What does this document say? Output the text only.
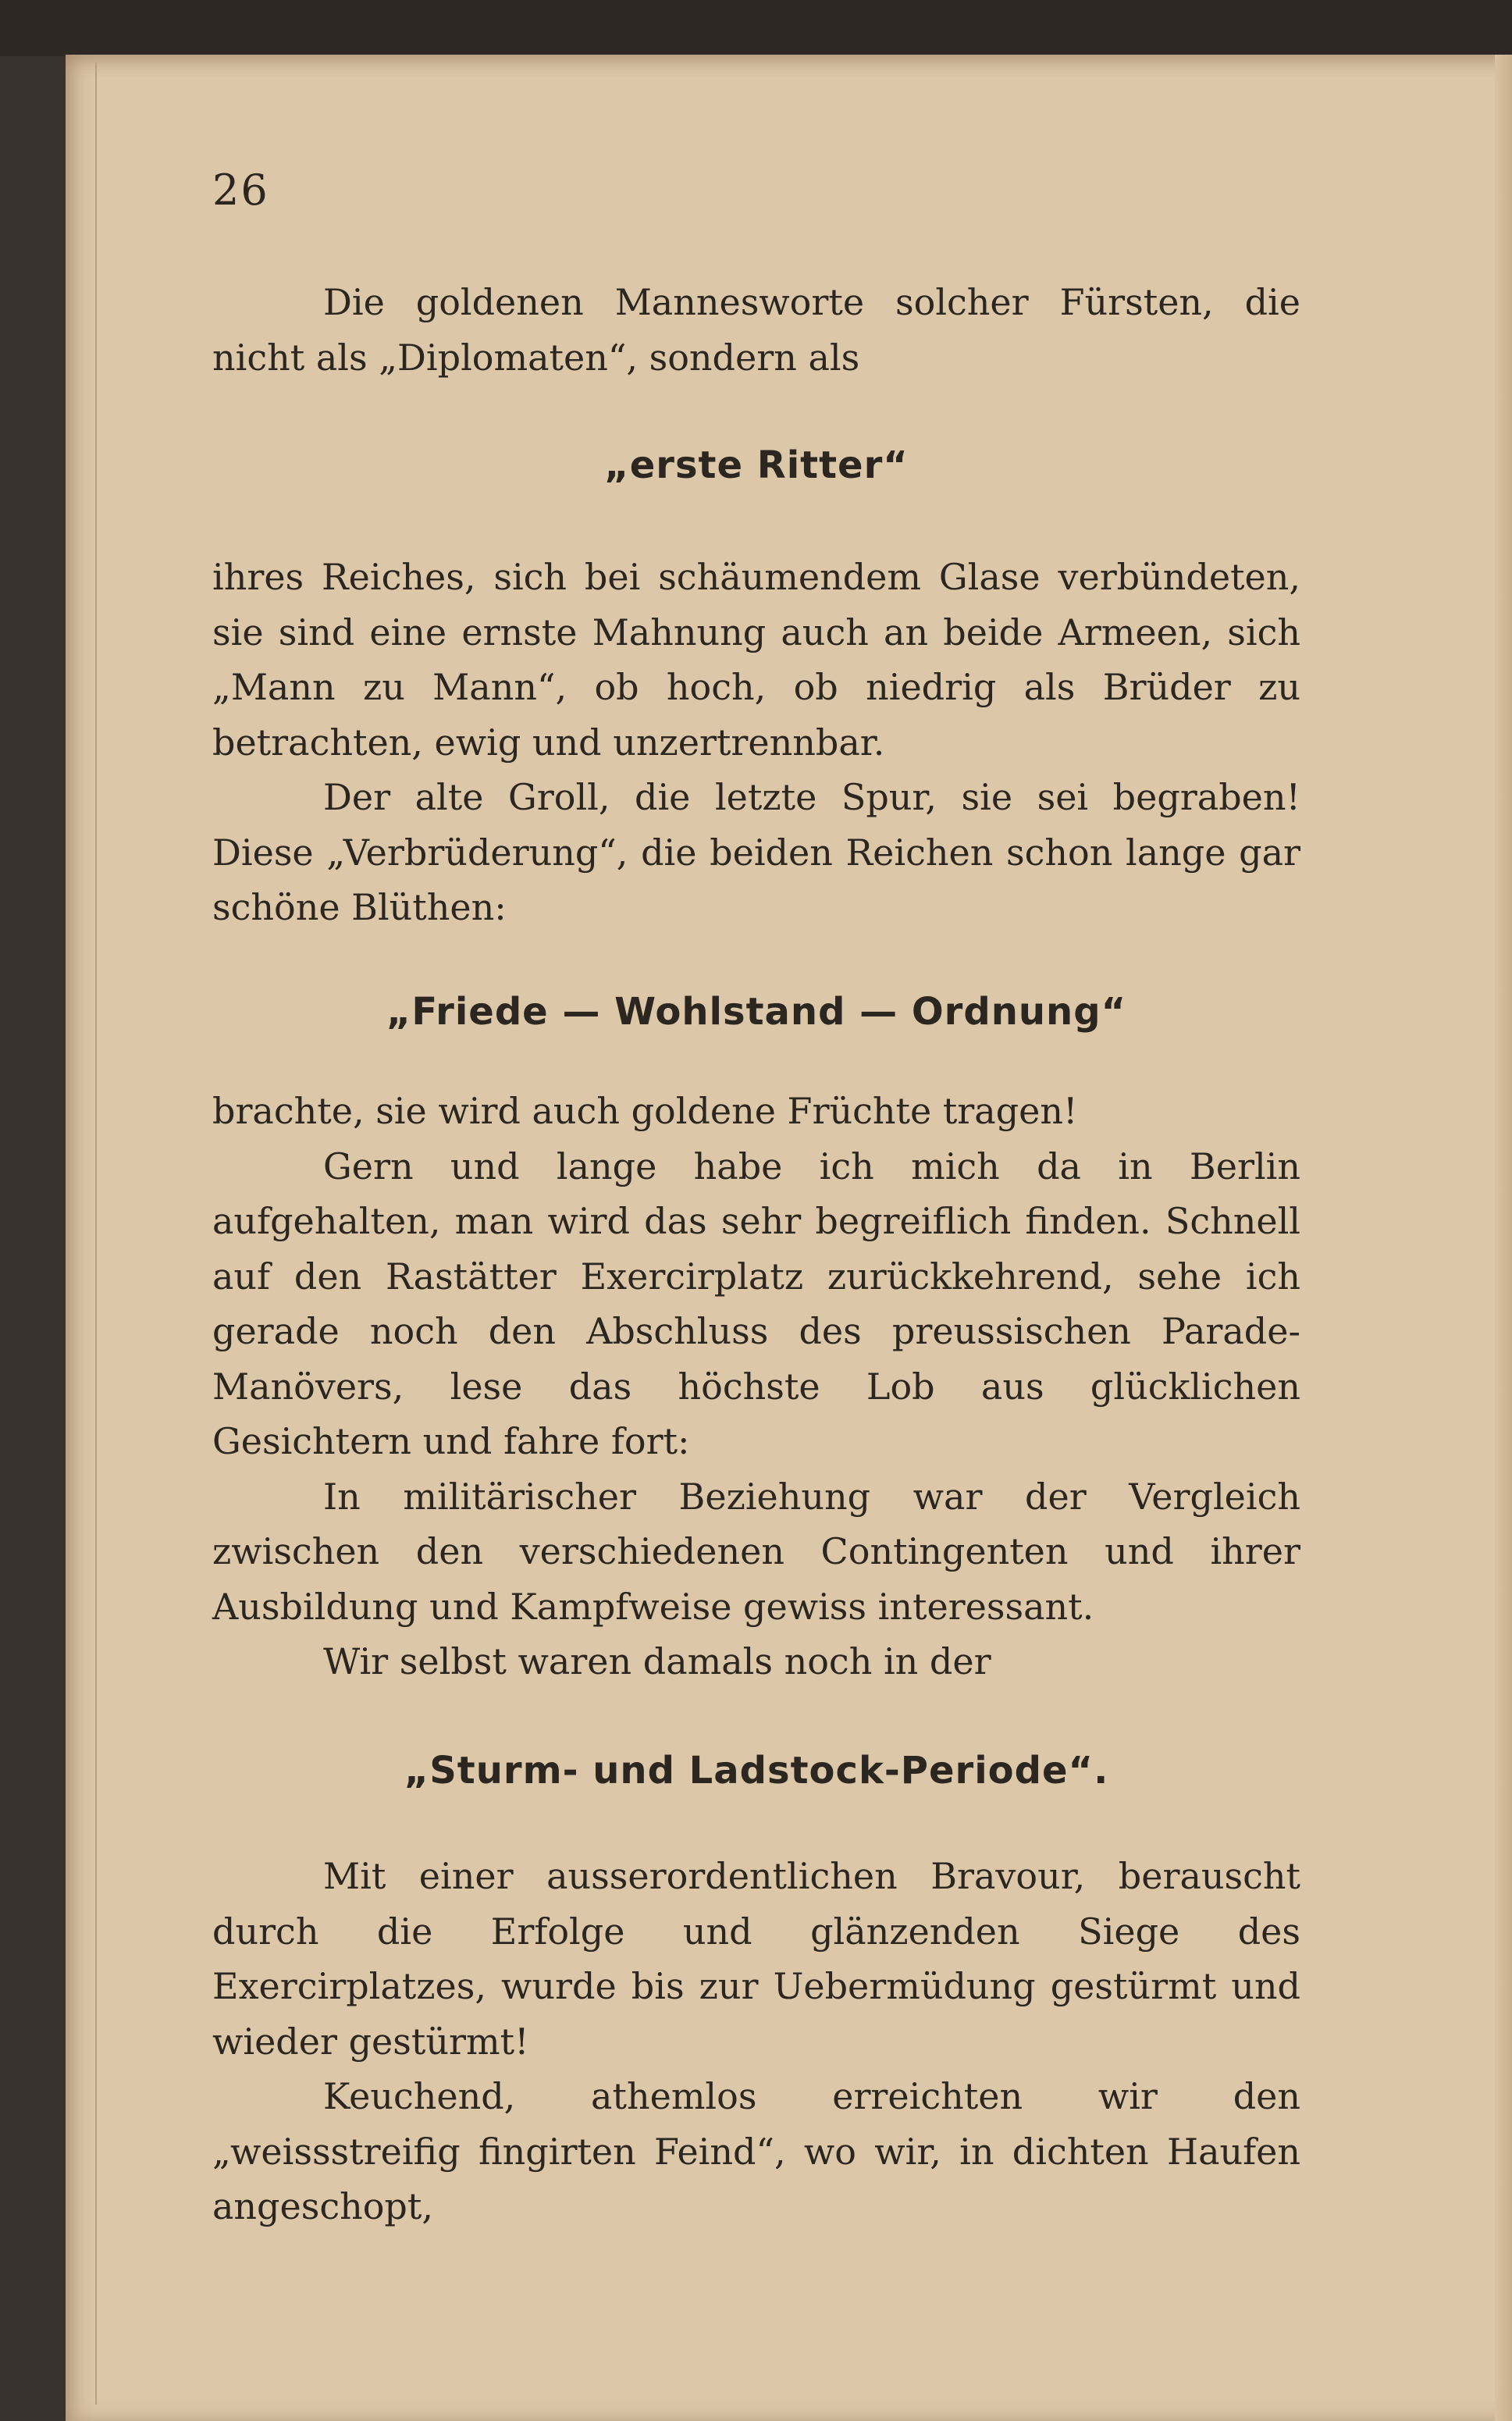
26

Die goldenen Mannesworte solcher Fürsten, die nicht als „Diplomaten“, sondern als

„erste Ritter“

ihres Reiches, sich bei schäumendem Glase verbündeten, sie sind eine ernste Mahnung auch an beide Armeen, sich „Mann zu Mann“, ob hoch, ob niedrig als Brüder zu betrachten, ewig und unzertrennbar.

Der alte Groll, die letzte Spur, sie sei begraben! Diese „Verbrüderung“, die beiden Reichen schon lange gar schöne Blüthen:

„Friede — Wohlstand — Ordnung“

brachte, sie wird auch goldene Früchte tragen!

Gern und lange habe ich mich da in Berlin aufgehalten, man wird das sehr begreiflich finden. Schnell auf den Rastätter Exercirplatz zurückkehrend, sehe ich gerade noch den Abschluss des preussischen Parade-Manövers, lese das höchste Lob aus glücklichen Gesichtern und fahre fort:

In militärischer Beziehung war der Vergleich zwischen den verschiedenen Contingenten und ihrer Ausbildung und Kampfweise gewiss interessant.

Wir selbst waren damals noch in der

„Sturm- und Ladstock-Periode“.

Mit einer ausserordentlichen Bravour, berauscht durch die Erfolge und glänzenden Siege des Exercirplatzes, wurde bis zur Uebermüdung gestürmt und wieder gestürmt!

Keuchend, athemlos erreichten wir den „weissstreifig fingirten Feind“, wo wir, in dichten Haufen angeschopt,
